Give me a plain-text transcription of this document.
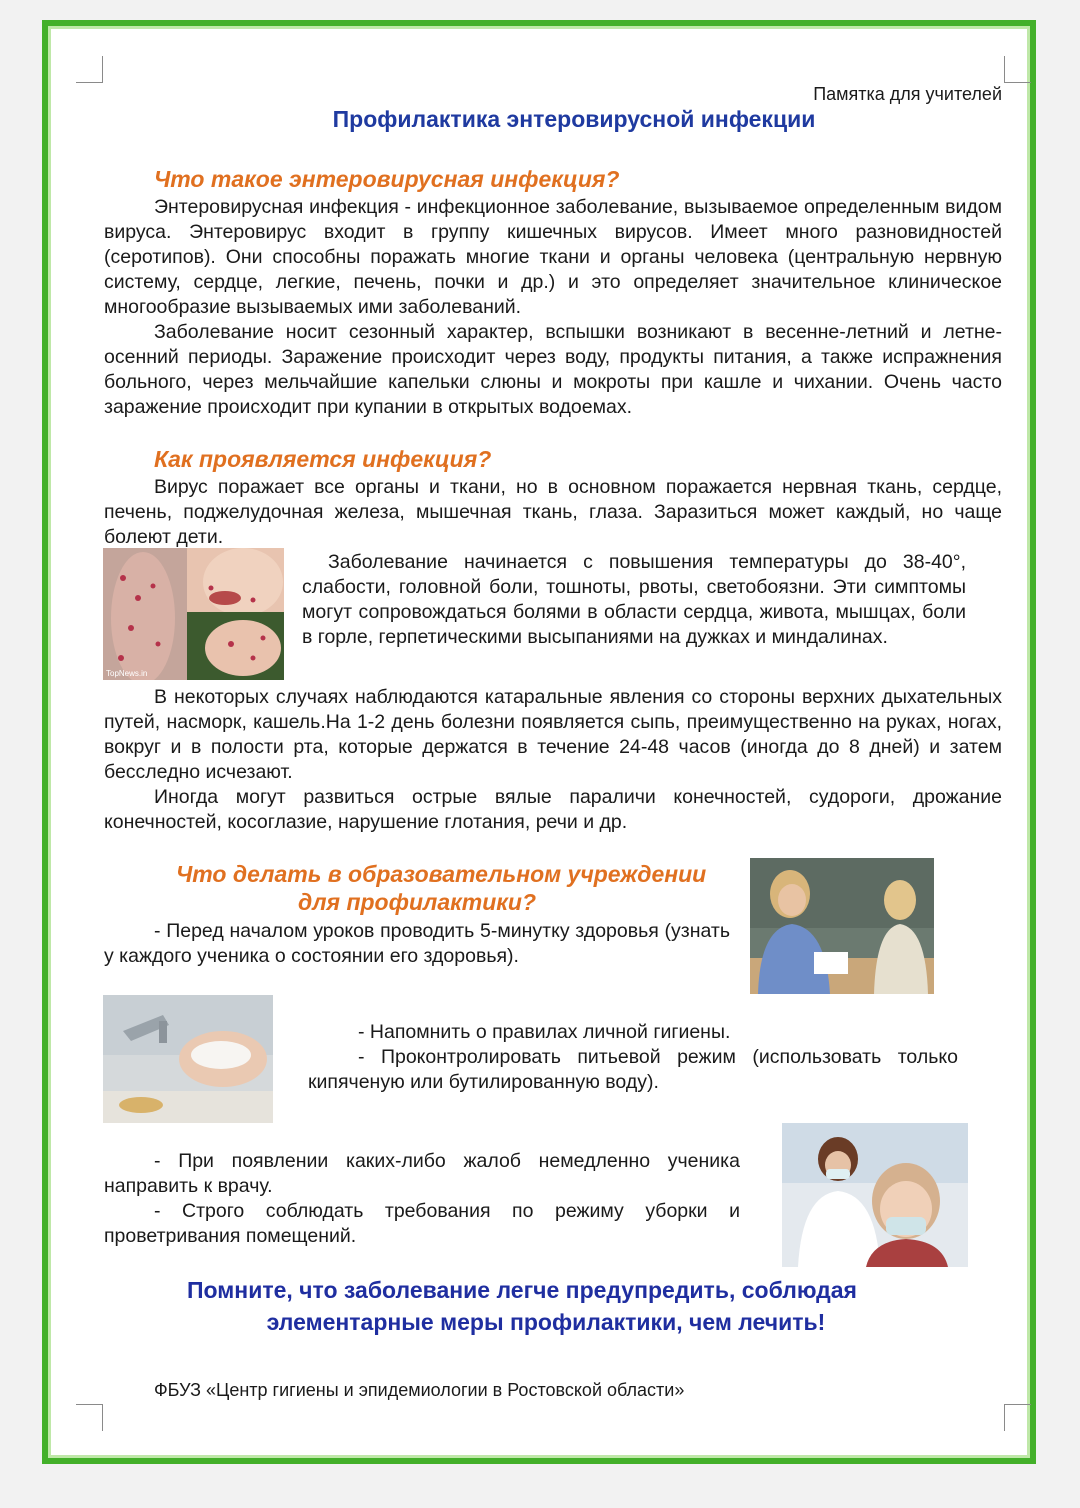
Памятка для учителей
Профилактика энтеровирусной инфекции
Что такое энтеровирусная инфекция?

Энтеровирусная инфекция - инфекционное заболевание, вызываемое определенным видом вируса. Энтеровирус входит в группу кишечных вирусов. Имеет много разновидностей (серотипов). Они способны поражать многие ткани и органы человека (центральную нервную систему, сердце, легкие, печень, почки и др.) и это определяет значительное клиническое многообразие вызываемых ими заболеваний.

Заболевание носит сезонный характер, вспышки возникают в весенне-летний и летне-осенний периоды. Заражение происходит через воду, продукты питания, а также испражнения больного, через мельчайшие капельки слюны и мокроты при кашле и чихании. Очень часто заражение происходит при купании в открытых водоемах.

Как проявляется инфекция?

Вирус поражает все органы и ткани, но в основном поражается нервная ткань, сердце, печень, поджелудочная железа, мышечная ткань, глаза. Заразиться может каждый, но чаще болеют дети.

TopNews.in

Заболевание начинается с повышения температуры до 38-40°, слабости, головной боли, тошноты, рвоты, светобоязни. Эти симптомы могут сопровождаться болями в области сердца, живота, мышцах, боли в горле, герпетическими высыпаниями на дужках и миндалинах.

В некоторых случаях наблюдаются катаральные явления со стороны верхних дыхательных путей, насморк, кашель.На 1-2 день болезни появляется сыпь, преимущественно на руках, ногах, вокруг и в полости рта, которые держатся в течение 24-48 часов (иногда до 8 дней) и затем бесследно исчезают.

Иногда могут развиться острые вялые параличи конечностей, судороги, дрожание конечностей, косоглазие, нарушение глотания, речи и др.

Что делать в образовательном учреждении
для профилактики?

- Перед началом уроков проводить 5-минутку здоровья (узнать у каждого ученика о состоянии его здоровья).

- Напомнить о правилах личной гигиены.

- Проконтролировать питьевой режим (использовать только кипяченую или бутилированную воду).

- При появлении каких-либо жалоб немедленно ученика направить к врачу.

- Строго соблюдать требования по режиму уборки и проветривания помещений.

Помните, что заболевание легче предупредить, соблюдая
элементарные меры профилактики, чем лечить!
ФБУЗ «Центр гигиены и эпидемиологии в Ростовской области»
